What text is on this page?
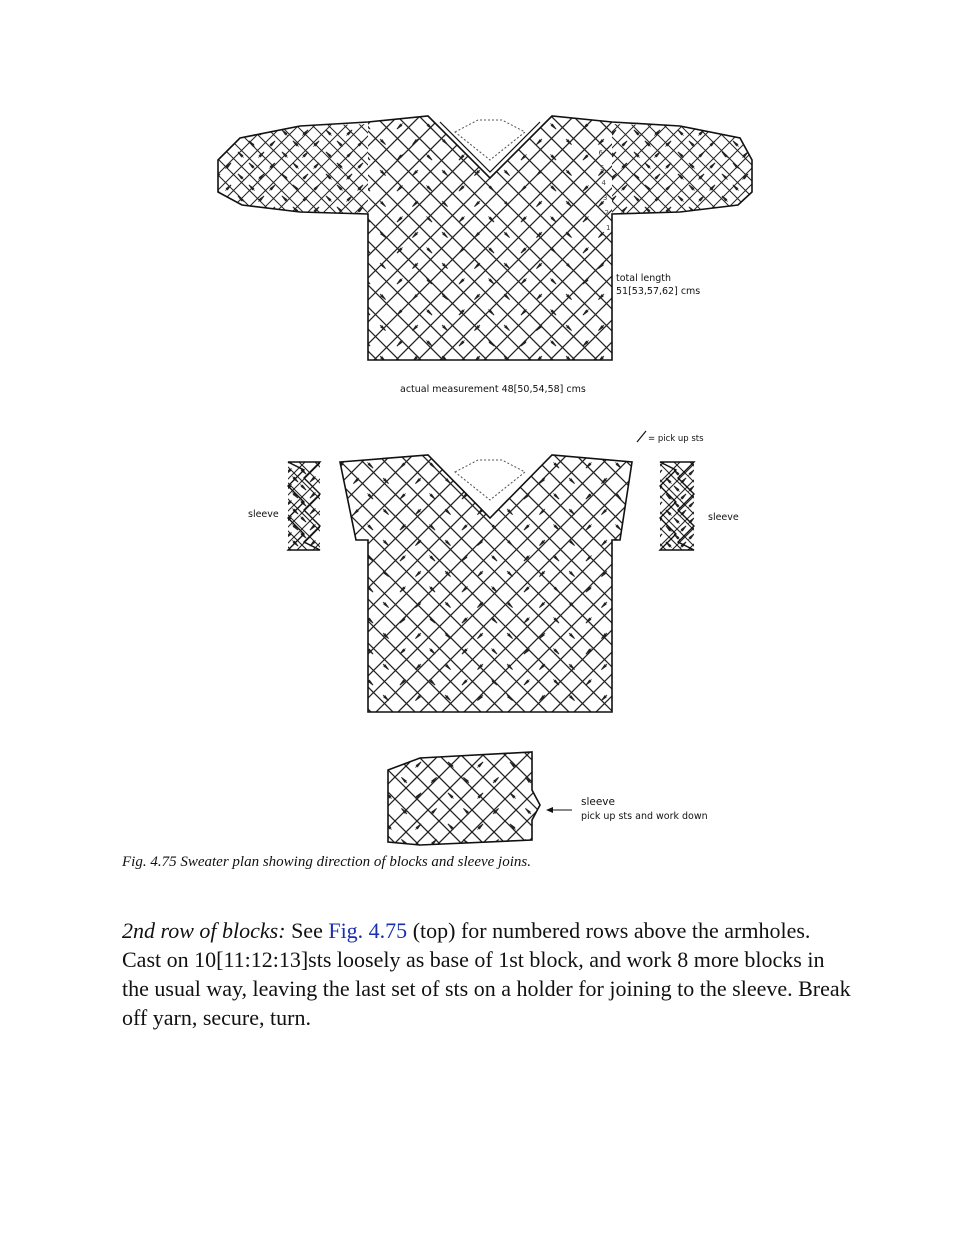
total length
51[53,57,62] cms
actual measurement 48[50,54,58] cms
1
2
3
4
5
6
= pick up sts
sleeve	sleeve
sleeve
pick up sts and work down
Fig. 4.75 Sweater plan showing direction of blocks and sleeve joins.

2nd row of blocks: See Fig. 4.75 (top) for numbered rows above the armholes.

Cast on 10[11:12:13]sts loosely as base of 1st block, and work 8 more blocks in the usual way, leaving the last set of sts on a holder for joining to the sleeve. Break off yarn, secure, turn.
